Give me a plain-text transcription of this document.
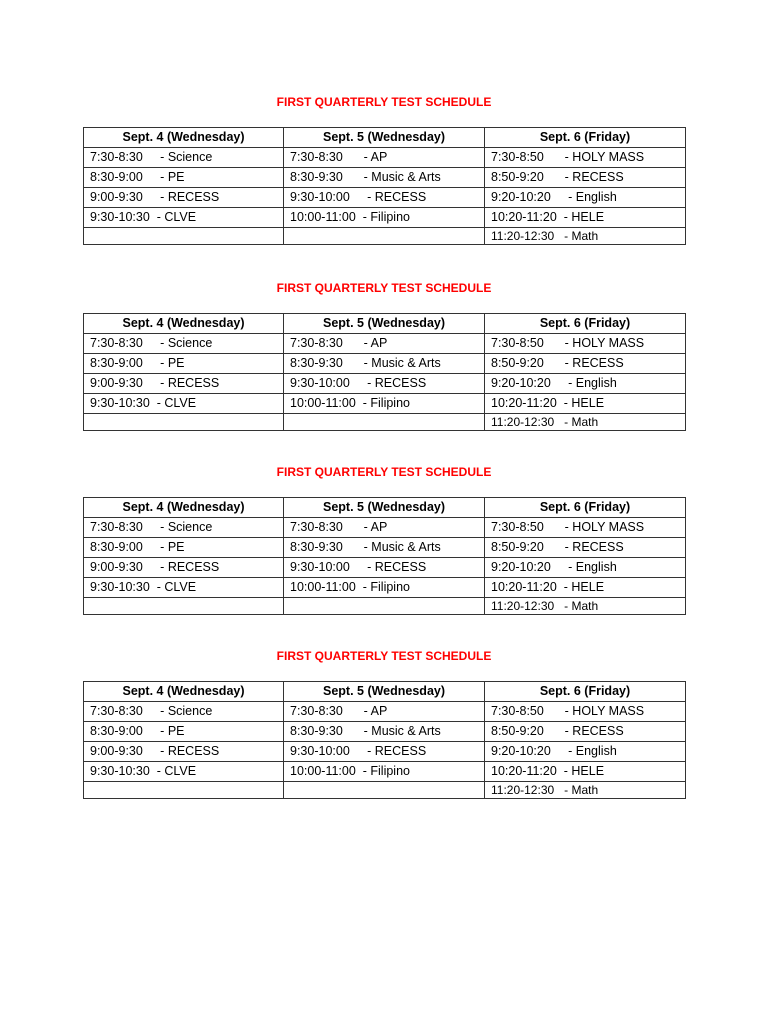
FIRST QUARTERLY TEST SCHEDULE
Sept. 4 (Wednesday)	Sept. 5 (Wednesday)	Sept. 6 (Friday)
7:30-8:30     - Science	7:30-8:30      - AP	7:30-8:50      - HOLY MASS
8:30-9:00     - PE	8:30-9:30      - Music & Arts	8:50-9:20      - RECESS
9:00-9:30     - RECESS	9:30-10:00     - RECESS	9:20-10:20     - English
9:30-10:30  - CLVE	10:00-11:00  - Filipino	10:20-11:20  - HELE
		11:20-12:30   - Math
FIRST QUARTERLY TEST SCHEDULE
Sept. 4 (Wednesday)	Sept. 5 (Wednesday)	Sept. 6 (Friday)
7:30-8:30     - Science	7:30-8:30      - AP	7:30-8:50      - HOLY MASS
8:30-9:00     - PE	8:30-9:30      - Music & Arts	8:50-9:20      - RECESS
9:00-9:30     - RECESS	9:30-10:00     - RECESS	9:20-10:20     - English
9:30-10:30  - CLVE	10:00-11:00  - Filipino	10:20-11:20  - HELE
		11:20-12:30   - Math
FIRST QUARTERLY TEST SCHEDULE
Sept. 4 (Wednesday)	Sept. 5 (Wednesday)	Sept. 6 (Friday)
7:30-8:30     - Science	7:30-8:30      - AP	7:30-8:50      - HOLY MASS
8:30-9:00     - PE	8:30-9:30      - Music & Arts	8:50-9:20      - RECESS
9:00-9:30     - RECESS	9:30-10:00     - RECESS	9:20-10:20     - English
9:30-10:30  - CLVE	10:00-11:00  - Filipino	10:20-11:20  - HELE
		11:20-12:30   - Math
FIRST QUARTERLY TEST SCHEDULE
Sept. 4 (Wednesday)	Sept. 5 (Wednesday)	Sept. 6 (Friday)
7:30-8:30     - Science	7:30-8:30      - AP	7:30-8:50      - HOLY MASS
8:30-9:00     - PE	8:30-9:30      - Music & Arts	8:50-9:20      - RECESS
9:00-9:30     - RECESS	9:30-10:00     - RECESS	9:20-10:20     - English
9:30-10:30  - CLVE	10:00-11:00  - Filipino	10:20-11:20  - HELE
		11:20-12:30   - Math
